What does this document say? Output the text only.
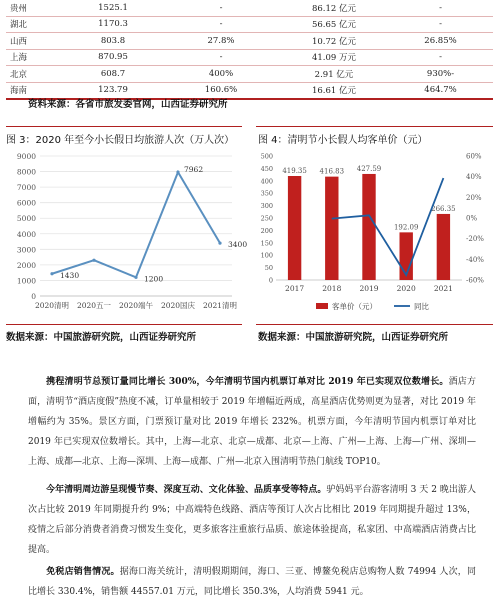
贵州	1525.1	-	86.12 亿元	-
湖北	1170.3	-	56.65 亿元	-
山西	803.8	27.8%	10.72 亿元	26.85%
上海	870.95	-	41.09 万元	-
北京	608.7	400%	2.91 亿元	930%-
海南	123.79	160.6%	16.61 亿元	464.7%
资料来源：各省市旅发委官网，山西证券研究所
图 3：2020 年至今小长假日均旅游人次（万人次）
0
1000
2000
3000
4000
5000
6000
7000
8000
9000
2020清明 2020五一 2020端午 2020国庆 2021清明
1430	1200
7962
3400
数据来源：中国旅游研究院，山西证券研究所
图 4：清明节小长假人均客单价（元）
0
50
100
150
200
250
300
350
400
450
500
-60%
-40%
-20%
0%
20%
40%
60%
419.35 416.83 427.59
192.09
266.35
2017 2018 2019 2020 2021
客单价（元）	同比
数据来源：中国旅游研究院，山西证券研究所
携程清明节总预订量同比增长 300%，今年清明节国内机票订单对比 2019 年已实现双位数增长。酒店方面，清明节“酒店度假”热度不减，订单量相较于 2019 年增幅近两成，高星酒店优势则更为显著，对比 2019 年增幅约为 35%。景区方面，门票预订量对比 2019 年增长 232%。机票方面，今年清明节国内机票订单对比 2019 年已实现双位数增长。其中，上海—北京、北京—成都、北京—上海、广州—上海、上海—广州、深圳—上海、成都—北京、上海—深圳、上海—成都、广州—北京入围清明节热门航线 TOP10。
今年清明周边游呈现慢节奏、深度互动、文化体验、品质享受等特点。驴妈妈平台游客清明 3 天 2 晚出游人次占比较 2019 年同期提升约 9%；中高端特色线路、酒店等预订人次占比相比 2019 年同期提升超过 13%，疫情之后部分消费者消费习惯发生变化，更多旅客注重旅行品质、旅途体验提高，私家团、中高端酒店消费占比提高。
免税店销售情况。据海口海关统计，清明假期期间，海口、三亚、博鳌免税店总购物人数 74994 人次，同比增长 330.4%，销售额 44557.01 万元，同比增长 350.3%，人均消费 5941 元。
